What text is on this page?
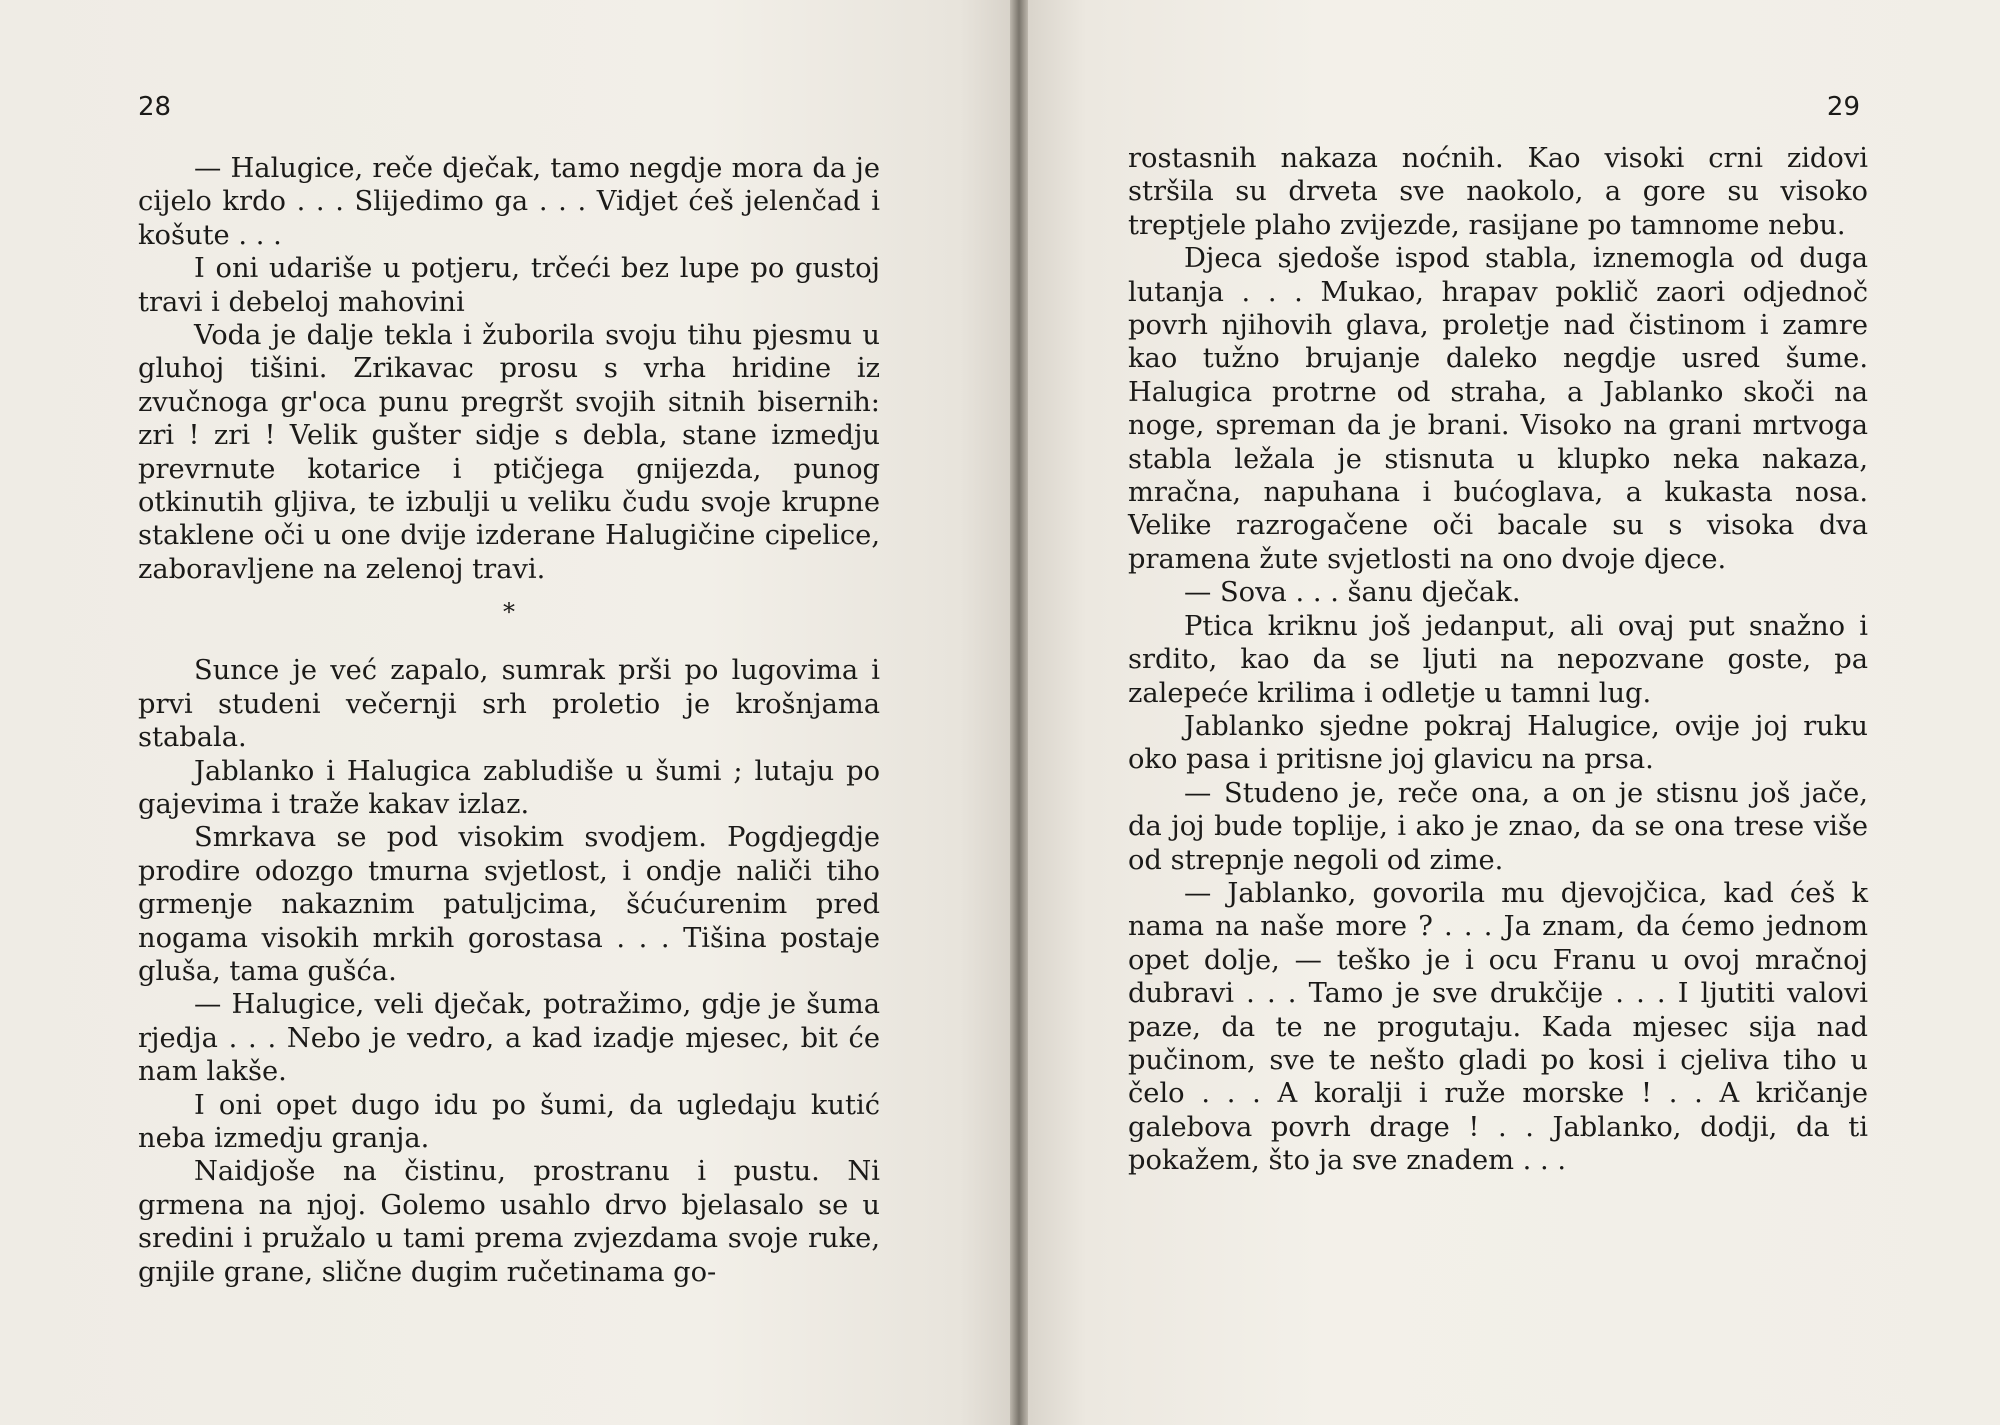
28

— Halugice, reče dječak, tamo negdje mora da je cijelo krdo . . . Slijedimo ga . . . Vidjet ćeš jelenčad i košute . . .

I oni udariše u potjeru, trčeći bez lupe po gustoj travi i debeloj mahovini

Voda je dalje tekla i žuborila svoju tihu pjesmu u gluhoj tišini. Zrikavac prosu s vrha hridine iz zvučnoga gr'oca punu pregršt svojih sitnih bisernih: zri ! zri ! Velik gušter sidje s debla, stane izmedju prevrnute kotarice i ptičjega gnijezda, punog otkinutih gljiva, te izbulji u veliku čudu svoje krupne staklene oči u one dvije izderane Halugičine cipelice, zaboravljene na zelenoj travi.

*

Sunce je već zapalo, sumrak prši po lugovima i prvi studeni večernji srh proletio je krošnjama stabala.

Jablanko i Halugica zabludiše u šumi ; lutaju po gajevima i traže kakav izlaz.

Smrkava se pod visokim svodjem. Pogdjegdje prodire odozgo tmurna svjetlost, i ondje naliči tiho grmenje nakaznim patuljcima, šćućurenim pred nogama visokih mrkih gorostasa . . . Tišina postaje gluša, tama gušća.

— Halugice, veli dječak, potražimo, gdje je šuma rjedja . . . Nebo je vedro, a kad izadje mjesec, bit će nam lakše.

I oni opet dugo idu po šumi, da ugledaju kutić neba izmedju granja.

Naidjoše na čistinu, prostranu i pustu. Ni grmena na njoj. Golemo usahlo drvo bjelasalo se u sredini i pružalo u tami prema zvjezdama svoje ruke, gnjile grane, slične dugim ručetinama go-

29

rostasnih nakaza noćnih. Kao visoki crni zidovi stršila su drveta sve naokolo, a gore su visoko treptjele plaho zvijezde, rasijane po tamnome nebu.

Djeca sjedoše ispod stabla, iznemogla od duga lutanja . . . Mukao, hrapav poklič zaori odjednoč povrh njihovih glava, proletje nad čistinom i zamre kao tužno brujanje daleko negdje usred šume. Halugica protrne od straha, a Jablanko skoči na noge, spreman da je brani. Visoko na grani mrtvoga stabla ležala je stisnuta u klupko neka nakaza, mračna, napuhana i bućoglava, a kukasta nosa. Velike razrogačene oči bacale su s visoka dva pramena žute svjetlosti na ono dvoje djece.

— Sova . . . šanu dječak.

Ptica kriknu još jedanput, ali ovaj put snažno i srdito, kao da se ljuti na nepozvane goste, pa zalepeće krilima i odletje u tamni lug.

Jablanko sjedne pokraj Halugice, ovije joj ruku oko pasa i pritisne joj glavicu na prsa.

— Studeno je, reče ona, a on je stisnu još jače, da joj bude toplije, i ako je znao, da se ona trese više od strepnje negoli od zime.

— Jablanko, govorila mu djevojčica, kad ćeš k nama na naše more ? . . . Ja znam, da ćemo jednom opet dolje, — teško je i ocu Franu u ovoj mračnoj dubravi . . . Tamo je sve drukčije . . . I ljutiti valovi paze, da te ne progutaju. Kada mjesec sija nad pučinom, sve te nešto gladi po kosi i cjeliva tiho u čelo . . . A koralji i ruže morske ! . . A kričanje galebova povrh drage ! . . Jablanko, dodji, da ti pokažem, što ja sve znadem . . .
